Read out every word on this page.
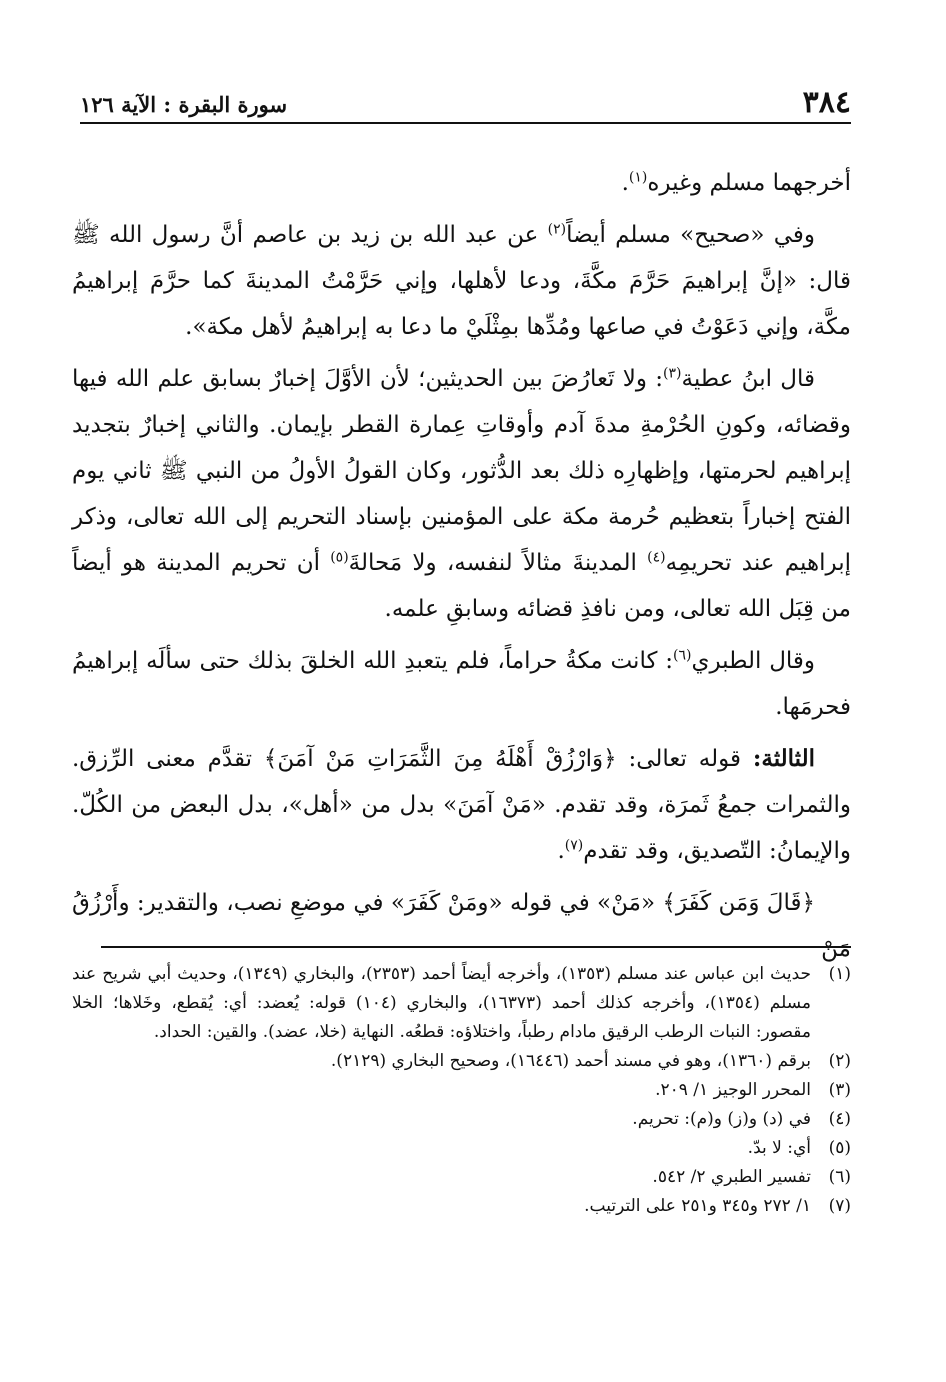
٣٨٤
سورة البقرة : الآية ١٢٦

أخرجهما مسلم وغيره$^{(١)}$.

وفي «صحيح» مسلم أيضاً$^{(٢)}$ عن عبد الله بن زيد بن عاصم أنَّ رسول الله ﷺ قال: «إنَّ إبراهيمَ حَرَّمَ مكَّةَ، ودعا لأهلها، وإني حَرَّمْتُ المدينةَ كما حرَّمَ إبراهيمُ مكَّة، وإني دَعَوْتُ في صاعها ومُدِّها بمِثْلَيْ ما دعا به إبراهيمُ لأهل مكة».

قال ابنُ عطية$^{(٣)}$: ولا تَعارُضَ بين الحديثين؛ لأن الأوَّلَ إخبارٌ بسابق علم الله فيها وقضائه، وكونِ الحُرْمةِ مدةَ آدم وأوقاتِ عِمارة القطر بإيمان. والثاني إخبارٌ بتجديد إبراهيم لحرمتها، وإظهارِه ذلك بعد الدُّثور، وكان القولُ الأولُ من النبي ﷺ ثاني يوم الفتح إخباراً بتعظيم حُرمة مكة على المؤمنين بإسناد التحريم إلى الله تعالى، وذكر إبراهيم عند تحريمِه$^{(٤)}$ المدينةَ مثالاً لنفسه، ولا مَحالةَ$^{(٥)}$ أن تحريم المدينة هو أيضاً من قِبَل الله تعالى، ومن نافذِ قضائه وسابقِ علمه.

وقال الطبري$^{(٦)}$: كانت مكةُ حراماً، فلم يتعبدِ الله الخلقَ بذلك حتى سألَه إبراهيمُ فحرمَها.

الثالثة: قوله تعالى: ﴿وَارْزُقْ أَهْلَهُ مِنَ الثَّمَرَاتِ مَنْ آمَنَ﴾ تقدَّم معنى الرِّزق. والثمرات جمعُ ثَمرَة، وقد تقدم. «مَنْ آمَنَ» بدل من «أهل»، بدل البعض من الكُلّ. والإيمانُ: التّصديق، وقد تقدم$^{(٧)}$.

﴿قَالَ وَمَن كَفَرَ﴾ «مَنْ» في قوله «ومَنْ كَفَرَ» في موضعِ نصب، والتقدير: وأَرْزُقُ مَنْ

(١)
حديث ابن عباس عند مسلم (١٣٥٣)، وأخرجه أيضاً أحمد (٢٣٥٣)، والبخاري (١٣٤٩)، وحديث أبي شريح عند مسلم (١٣٥٤)، وأخرجه كذلك أحمد (١٦٣٧٣)، والبخاري (١٠٤) قوله: يُعضد: أي: يُقطع، وخَلاها؛ الخلا مقصور: النبات الرطب الرقيق مادام رطباً، واختلاؤه: قطعُه. النهاية (خلا، عضد). والقين: الحداد.
(٢)
برقم (١٣٦٠)، وهو في مسند أحمد (١٦٤٤٦)، وصحيح البخاري (٢١٢٩).
(٣)
المحرر الوجيز ١/ ٢٠٩.
(٤)
في (د) و(ز) و(م): تحريم.
(٥)
أي: لا بدّ.
(٦)
تفسير الطبري ٢/ ٥٤٢.
(٧)
١/ ٢٧٢ و٣٤٥ و٢٥١ على الترتيب.
